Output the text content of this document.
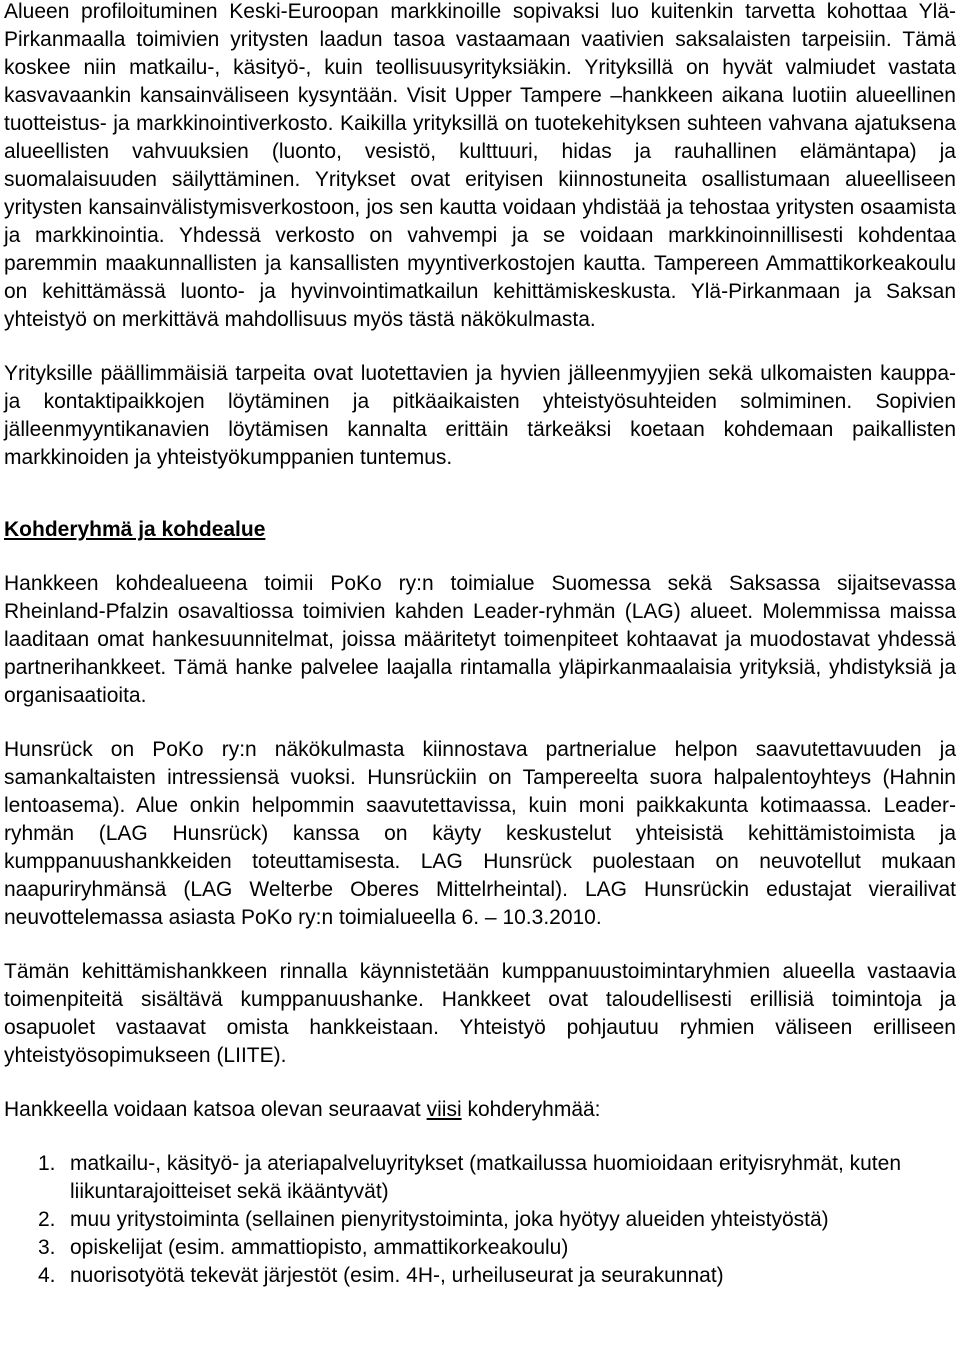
Alueen profiloituminen Keski-Euroopan markkinoille sopivaksi luo kuitenkin tarvetta kohottaa Ylä-Pirkanmaalla toimivien yritysten laadun tasoa vastaamaan vaativien saksalaisten tarpeisiin. Tämä koskee niin matkailu-, käsityö-, kuin teollisuusyrityksiäkin. Yrityksillä on hyvät valmiudet vastata kasvavaankin kansainväliseen kysyntään. Visit Upper Tampere –hankkeen aikana luotiin alueellinen tuotteistus- ja markkinointiverkosto. Kaikilla yrityksillä on tuotekehityksen suhteen vahvana ajatuksena alueellisten vahvuuksien (luonto, vesistö, kulttuuri, hidas ja rauhallinen elämäntapa) ja suomalaisuuden säilyttäminen. Yritykset ovat erityisen kiinnostuneita osallistumaan alueelliseen yritysten kansainvälistymisverkostoon, jos sen kautta voidaan yhdistää ja tehostaa yritysten osaamista ja markkinointia. Yhdessä verkosto on vahvempi ja se voidaan markkinoinnillisesti kohdentaa paremmin maakunnallisten ja kansallisten myyntiverkostojen kautta. Tampereen Ammattikorkeakoulu on kehittämässä luonto- ja hyvinvointimatkailun kehittämiskeskusta. Ylä-Pirkanmaan ja Saksan yhteistyö on merkittävä mahdollisuus myös tästä näkökulmasta.

Yrityksille päällimmäisiä tarpeita ovat luotettavien ja hyvien jälleenmyyjien sekä ulkomaisten kauppa- ja kontaktipaikkojen löytäminen ja pitkäaikaisten yhteistyösuhteiden solmiminen. Sopivien jälleenmyyntikanavien löytämisen kannalta erittäin tärkeäksi koetaan kohdemaan paikallisten markkinoiden ja yhteistyökumppanien tuntemus.

Kohderyhmä ja kohdealue

Hankkeen kohdealueena toimii PoKo ry:n toimialue Suomessa sekä Saksassa sijaitsevassa Rheinland-Pfalzin osavaltiossa toimivien kahden Leader-ryhmän (LAG) alueet. Molemmissa maissa laaditaan omat hankesuunnitelmat, joissa määritetyt toimenpiteet kohtaavat ja muodostavat yhdessä partnerihankkeet. Tämä hanke palvelee laajalla rintamalla yläpirkanmaalaisia yrityksiä, yhdistyksiä ja organisaatioita.

Hunsrück on PoKo ry:n näkökulmasta kiinnostava partnerialue helpon saavutettavuuden ja samankaltaisten intressiensä vuoksi. Hunsrückiin on Tampereelta suora halpalentoyhteys (Hahnin lentoasema). Alue onkin helpommin saavutettavissa, kuin moni paikkakunta kotimaassa. Leader-ryhmän (LAG Hunsrück) kanssa on käyty keskustelut yhteisistä kehittämistoimista ja kumppanuushankkeiden toteuttamisesta. LAG Hunsrück puolestaan on neuvotellut mukaan naapuriryhmänsä (LAG Welterbe Oberes Mittelrheintal). LAG Hunsrückin edustajat vierailivat neuvottelemassa asiasta PoKo ry:n toimialueella 6. – 10.3.2010.

Tämän kehittämishankkeen rinnalla käynnistetään kumppanuustoimintaryhmien alueella vastaavia toimenpiteitä sisältävä kumppanuushanke. Hankkeet ovat taloudellisesti erillisiä toimintoja ja osapuolet vastaavat omista hankkeistaan. Yhteistyö pohjautuu ryhmien väliseen erilliseen yhteistyösopimukseen (LIITE).

Hankkeella voidaan katsoa olevan seuraavat viisi kohderyhmää:

1. matkailu-, käsityö- ja ateriapalveluyritykset (matkailussa huomioidaan erityisryhmät, kuten liikuntarajoitteiset sekä ikääntyvät)
2. muu yritystoiminta (sellainen pienyritystoiminta, joka hyötyy alueiden yhteistyöstä)
3. opiskelijat (esim. ammattiopisto, ammattikorkeakoulu)
4. nuorisotyötä tekevät järjestöt (esim. 4H-, urheiluseurat ja seurakunnat)
